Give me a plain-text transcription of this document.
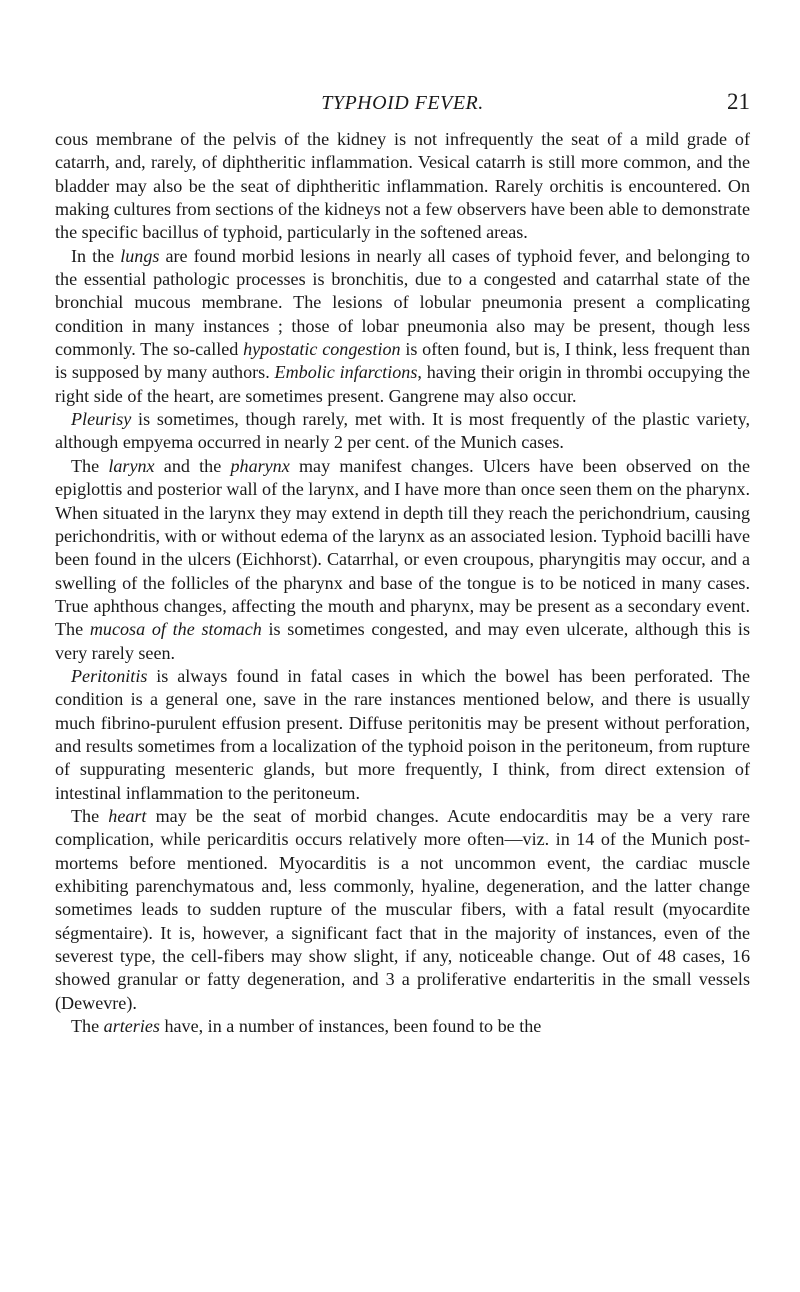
TYPHOID FEVER.	21

cous membrane of the pelvis of the kidney is not infrequently the seat of a mild grade of catarrh, and, rarely, of diphtheritic inflammation. Vesical catarrh is still more common, and the bladder may also be the seat of diphtheritic inflammation. Rarely orchitis is encountered. On making cultures from sections of the kidneys not a few observers have been able to demonstrate the specific bacillus of typhoid, particularly in the softened areas.

In the lungs are found morbid lesions in nearly all cases of typhoid fever, and belonging to the essential pathologic processes is bronchitis, due to a congested and catarrhal state of the bronchial mucous membrane. The lesions of lobular pneumonia present a complicating condition in many instances ; those of lobar pneumonia also may be present, though less commonly. The so-called hypostatic congestion is often found, but is, I think, less frequent than is supposed by many authors. Embolic infarctions, having their origin in thrombi occupying the right side of the heart, are sometimes present. Gangrene may also occur.

Pleurisy is sometimes, though rarely, met with. It is most frequently of the plastic variety, although empyema occurred in nearly 2 per cent. of the Munich cases.

The larynx and the pharynx may manifest changes. Ulcers have been observed on the epiglottis and posterior wall of the larynx, and I have more than once seen them on the pharynx. When situated in the larynx they may extend in depth till they reach the perichondrium, causing perichondritis, with or without edema of the larynx as an associated lesion. Typhoid bacilli have been found in the ulcers (Eichhorst). Catarrhal, or even croupous, pharyngitis may occur, and a swelling of the follicles of the pharynx and base of the tongue is to be noticed in many cases. True aphthous changes, affecting the mouth and pharynx, may be present as a secondary event. The mucosa of the stomach is sometimes congested, and may even ulcerate, although this is very rarely seen.

Peritonitis is always found in fatal cases in which the bowel has been perforated. The condition is a general one, save in the rare instances mentioned below, and there is usually much fibrino-purulent effusion present. Diffuse peritonitis may be present without perforation, and results sometimes from a localization of the typhoid poison in the peritoneum, from rupture of suppurating mesenteric glands, but more frequently, I think, from direct extension of intestinal inflammation to the peritoneum.

The heart may be the seat of morbid changes. Acute endocarditis may be a very rare complication, while pericarditis occurs relatively more often—viz. in 14 of the Munich post-mortems before mentioned. Myocarditis is a not uncommon event, the cardiac muscle exhibiting parenchymatous and, less commonly, hyaline, degeneration, and the latter change sometimes leads to sudden rupture of the muscular fibers, with a fatal result (myocardite ségmentaire). It is, however, a significant fact that in the majority of instances, even of the severest type, the cell-fibers may show slight, if any, noticeable change. Out of 48 cases, 16 showed granular or fatty degeneration, and 3 a proliferative endarteritis in the small vessels (Dewevre).

The arteries have, in a number of instances, been found to be the
